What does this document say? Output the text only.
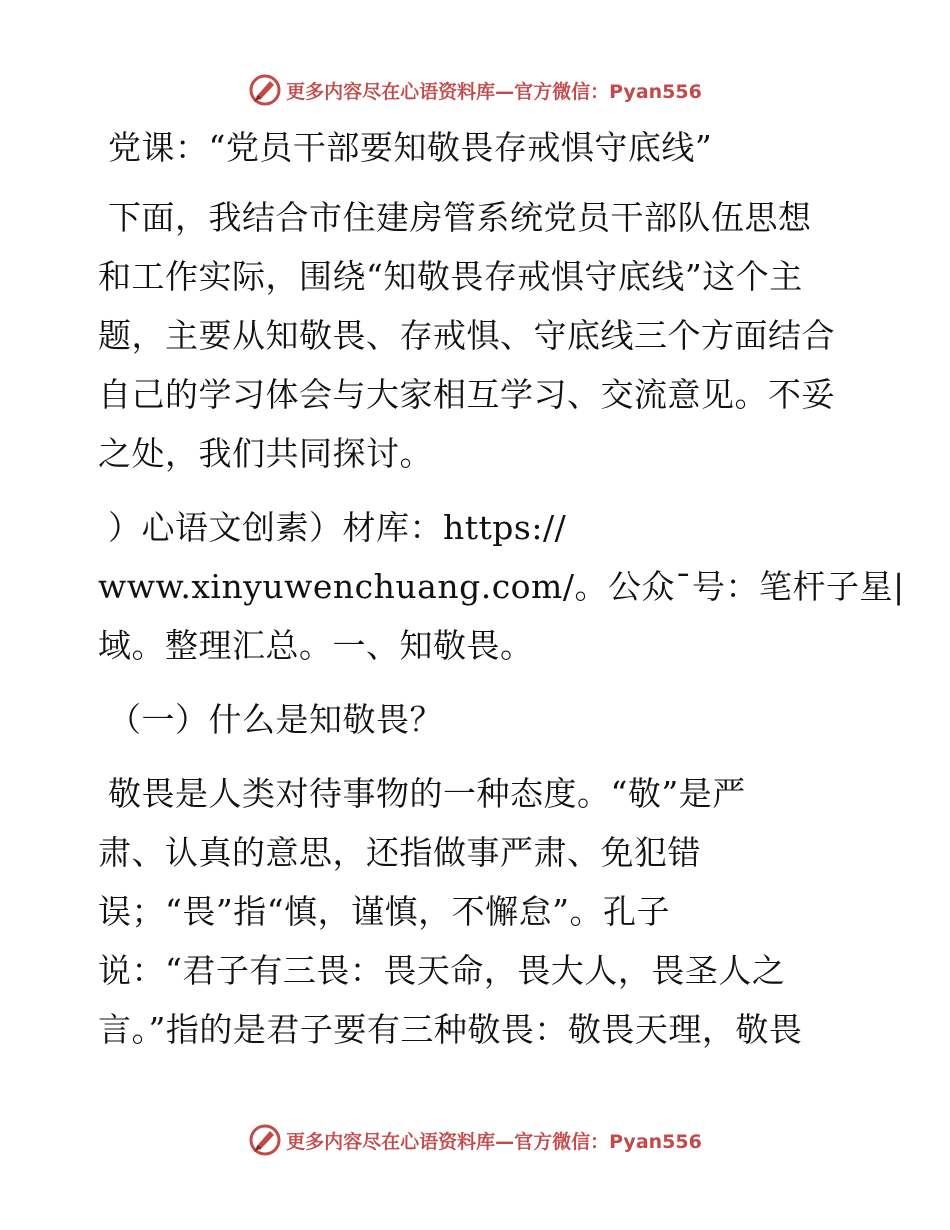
更多内容尽在心语资料库—官方微信：Pyan556
党课：“党员干部要知敬畏存戒惧守底线”
下面，我结合市住建房管系统党员干部队伍思想
和工作实际，围绕“知敬畏存戒惧守底线”这个主
题，主要从知敬畏、存戒惧、守底线三个方面结合
自己的学习体会与大家相互学习、交流意见。不妥
之处，我们共同探讨。
）心语文创素）材库：https://
www.xinyuwenchuang.com/。公众¯号：笔杆子星|
域。整理汇总。一、知敬畏。
（一）什么是知敬畏？
敬畏是人类对待事物的一种态度。“敬”是严
肃、认真的意思，还指做事严肃、免犯错
误；“畏”指“慎，谨慎，不懈怠”。孔子
说：“君子有三畏：畏天命，畏大人，畏圣人之
言。”指的是君子要有三种敬畏：敬畏天理，敬畏
更多内容尽在心语资料库—官方微信：Pyan556
